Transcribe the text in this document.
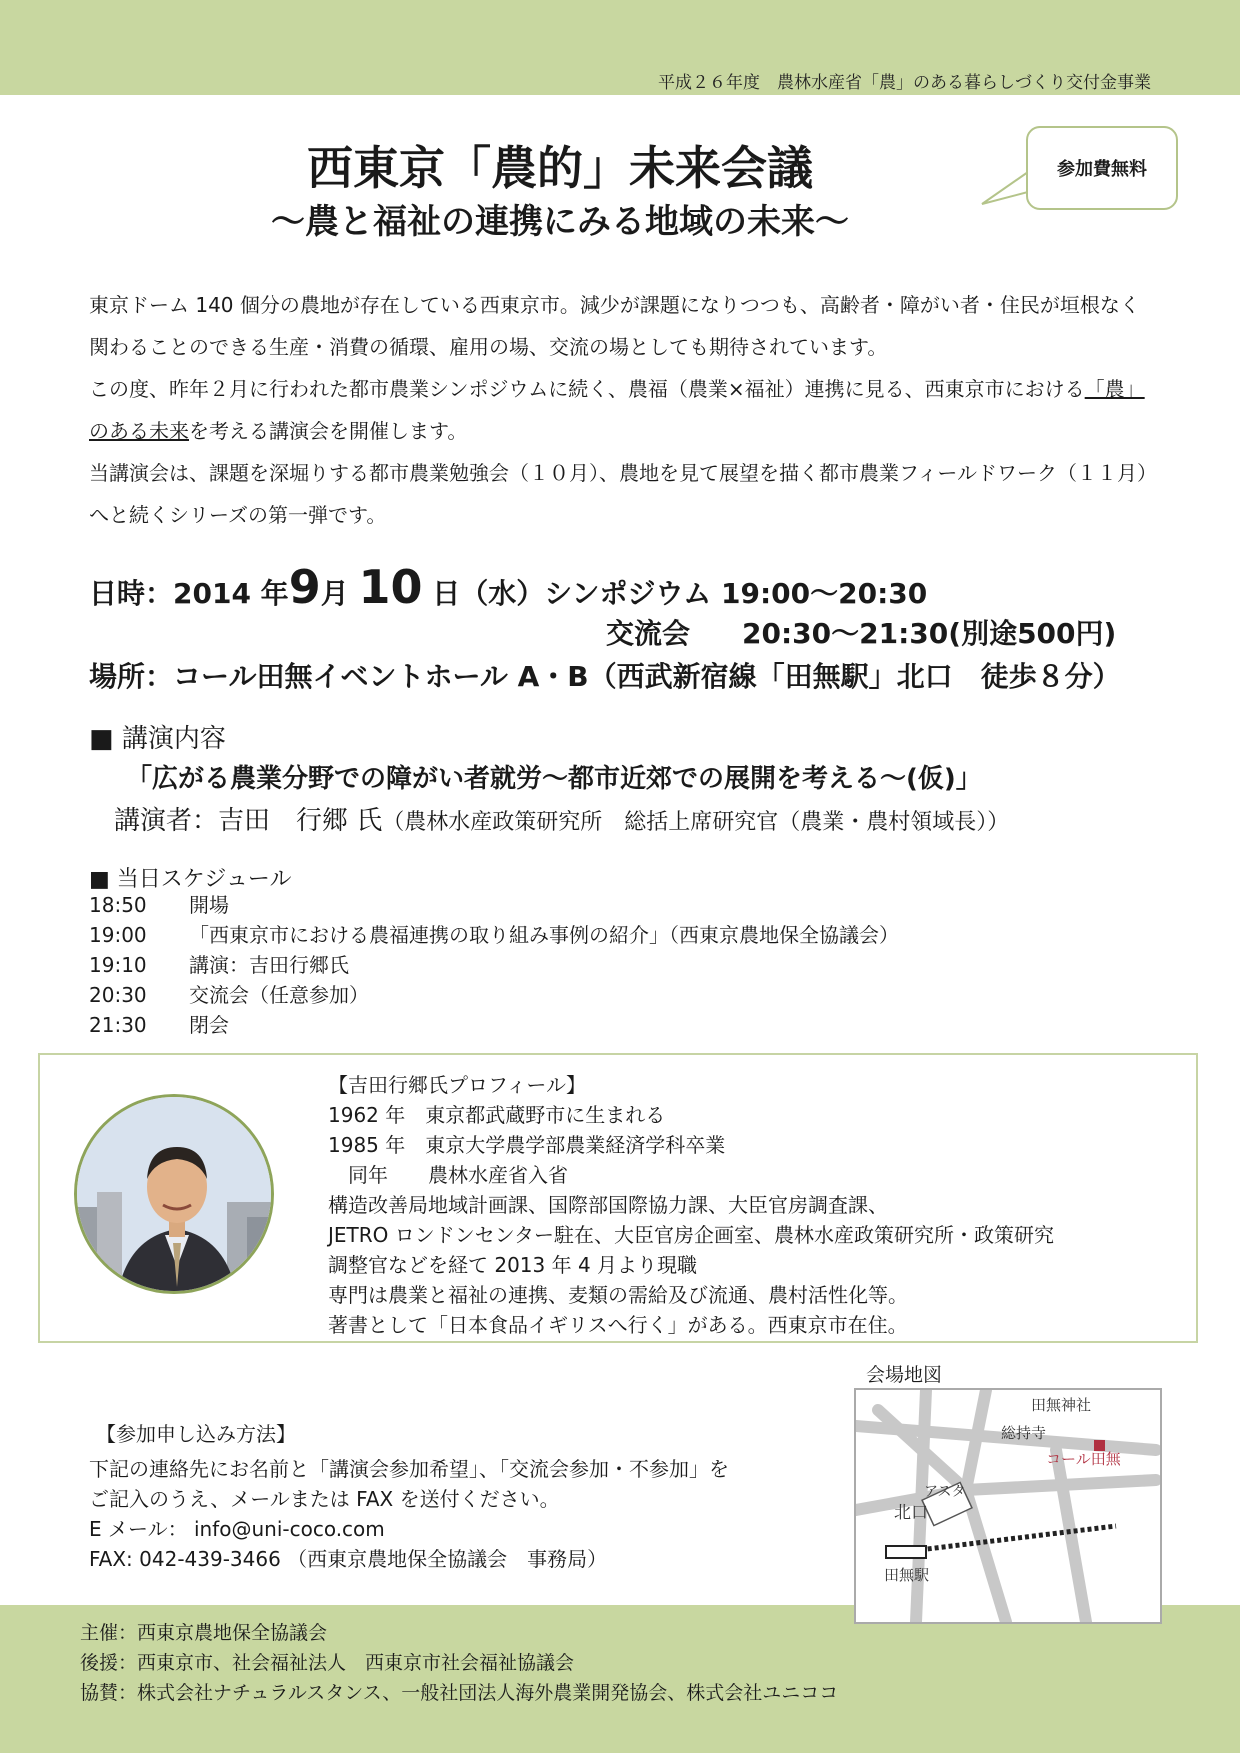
平成２６年度　農林水産省「農」のある暮らしづくり交付金事業
西東京「農的」未来会議
〜農と福祉の連携にみる地域の未来〜
参加費無料

東京ドーム 140 個分の農地が存在している西東京市。減少が課題になりつつも、高齢者・障がい者・住民が垣根なく関わることのできる生産・消費の循環、雇用の場、交流の場としても期待されています。

この度、昨年２月に行われた都市農業シンポジウムに続く、農福（農業×福祉）連携に見る、西東京市における「農」のある未来を考える講演会を開催します。

当講演会は、課題を深堀りする都市農業勉強会（１０月）、農地を見て展望を描く都市農業フィールドワーク（１１月）へと続くシリーズの第一弾です。

日時：2014 年9月 10 日（水）シンポジウム 19:00〜20:30
交流会 20:30〜21:30(別途500円)
場所：コール田無イベントホール A・B（西武新宿線「田無駅」北口　徒歩８分）
■ 講演内容
「広がる農業分野での障がい者就労〜都市近郊での展開を考える〜(仮)」
講演者：吉田　行郷 氏（農林水産政策研究所　総括上席研究官（農業・農村領域長））
■ 当日スケジュール
18:50	開場
19:00	「西東京市における農福連携の取り組み事例の紹介」（西東京農地保全協議会）
19:10	講演：吉田行郷氏
20:30	交流会（任意参加）
21:30	閉会
【吉田行郷氏プロフィール】
1962 年　東京都武蔵野市に生まれる
1985 年　東京大学農学部農業経済学科卒業
　同年　　農林水産省入省
構造改善局地域計画課、国際部国際協力課、大臣官房調査課、
JETRO ロンドンセンター駐在、大臣官房企画室、農林水産政策研究所・政策研究
調整官などを経て 2013 年 4 月より現職
専門は農業と福祉の連携、麦類の需給及び流通、農村活性化等。
著書として「日本食品イギリスへ行く」がある。西東京市在住。
会場地図
田無神社
総持寺
コール田無
アスタ
北口
田無駅
【参加申し込み方法】
下記の連絡先にお名前と「講演会参加希望」、「交流会参加・不参加」を
ご記入のうえ、メールまたは FAX を送付ください。
E メール： info@uni-coco.com
FAX: 042-439-3466 （西東京農地保全協議会　事務局）
主催：西東京農地保全協議会
後援：西東京市、社会福祉法人　西東京市社会福祉協議会
協賛：株式会社ナチュラルスタンス、一般社団法人海外農業開発協会、株式会社ユニココ
